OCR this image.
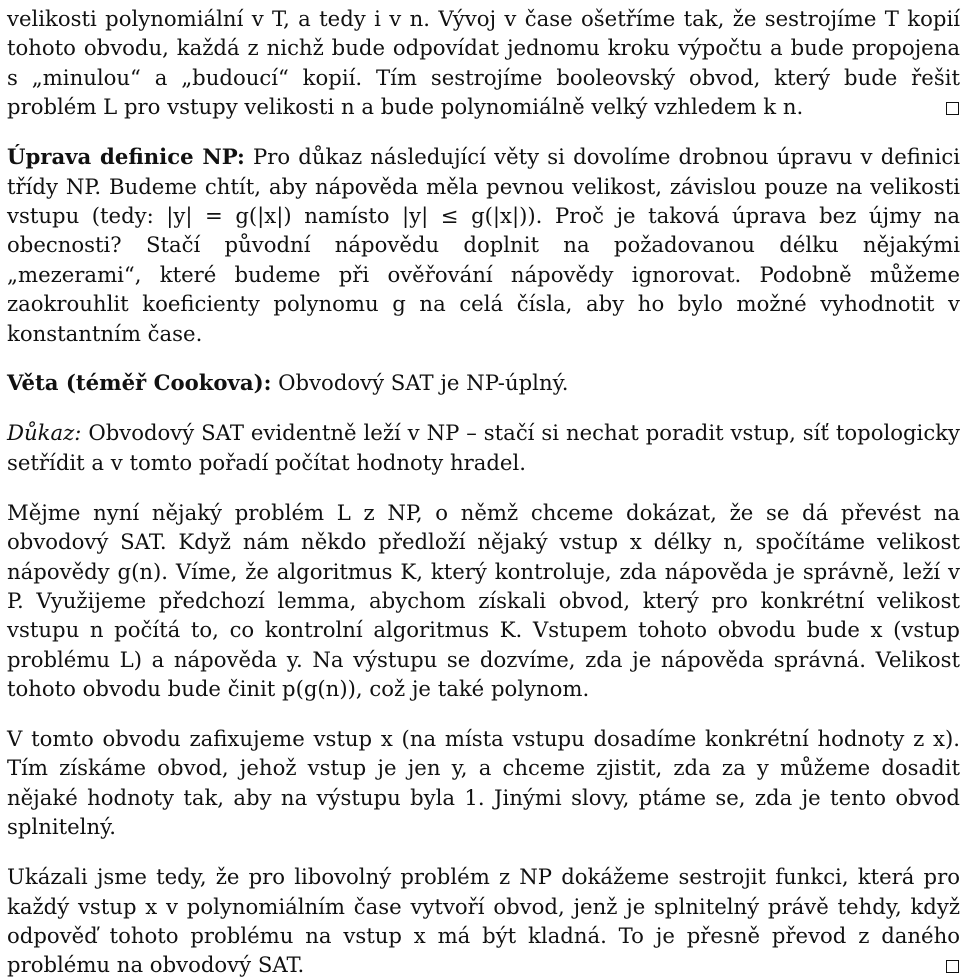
velikosti polynomiální v T, a tedy i v n. Vývoj v čase ošetříme tak, že sestrojíme T kopií tohoto obvodu, každá z nichž bude odpovídat jednomu kroku výpočtu a bude propojena s „minulou“ a „budoucí“ kopií. Tím sestrojíme booleovský obvod, který bude řešit problém L pro vstupy velikosti n a bude polynomiálně velký vzhledem k n.

Úprava definice NP: Pro důkaz následující věty si dovolíme drobnou úpravu v definici třídy NP. Budeme chtít, aby nápověda měla pevnou velikost, závislou pouze na velikosti vstupu (tedy: |y| = g(|x|) namísto |y| ≤ g(|x|)). Proč je taková úprava bez újmy na obecnosti? Stačí původní nápovědu doplnit na požadovanou délku nějakými „mezerami“, které budeme při ověřování nápovědy ignorovat. Podobně můžeme zaokrouhlit koeficienty polynomu g na celá čísla, aby ho bylo možné vyhodnotit v konstantním čase.

Věta (téměř Cookova): Obvodový SAT je NP-úplný.

Důkaz: Obvodový SAT evidentně leží v NP – stačí si nechat poradit vstup, síť topologicky setřídit a v tomto pořadí počítat hodnoty hradel.

Mějme nyní nějaký problém L z NP, o němž chceme dokázat, že se dá převést na obvodový SAT. Když nám někdo předloží nějaký vstup x délky n, spočítáme velikost nápovědy g(n). Víme, že algoritmus K, který kontroluje, zda nápověda je správně, leží v P. Využijeme předchozí lemma, abychom získali obvod, který pro konkrétní velikost vstupu n počítá to, co kontrolní algoritmus K. Vstupem tohoto obvodu bude x (vstup problému L) a nápověda y. Na výstupu se dozvíme, zda je nápověda správná. Velikost tohoto obvodu bude činit p(g(n)), což je také polynom.

V tomto obvodu zafixujeme vstup x (na místa vstupu dosadíme konkrétní hodnoty z x). Tím získáme obvod, jehož vstup je jen y, a chceme zjistit, zda za y můžeme dosadit nějaké hodnoty tak, aby na výstupu byla 1. Jinými slovy, ptáme se, zda je tento obvod splnitelný.

Ukázali jsme tedy, že pro libovolný problém z NP dokážeme sestrojit funkci, která pro každý vstup x v polynomiálním čase vytvoří obvod, jenž je splnitelný právě tehdy, když odpověď tohoto problému na vstup x má být kladná. To je přesně převod z daného problému na obvodový SAT.
